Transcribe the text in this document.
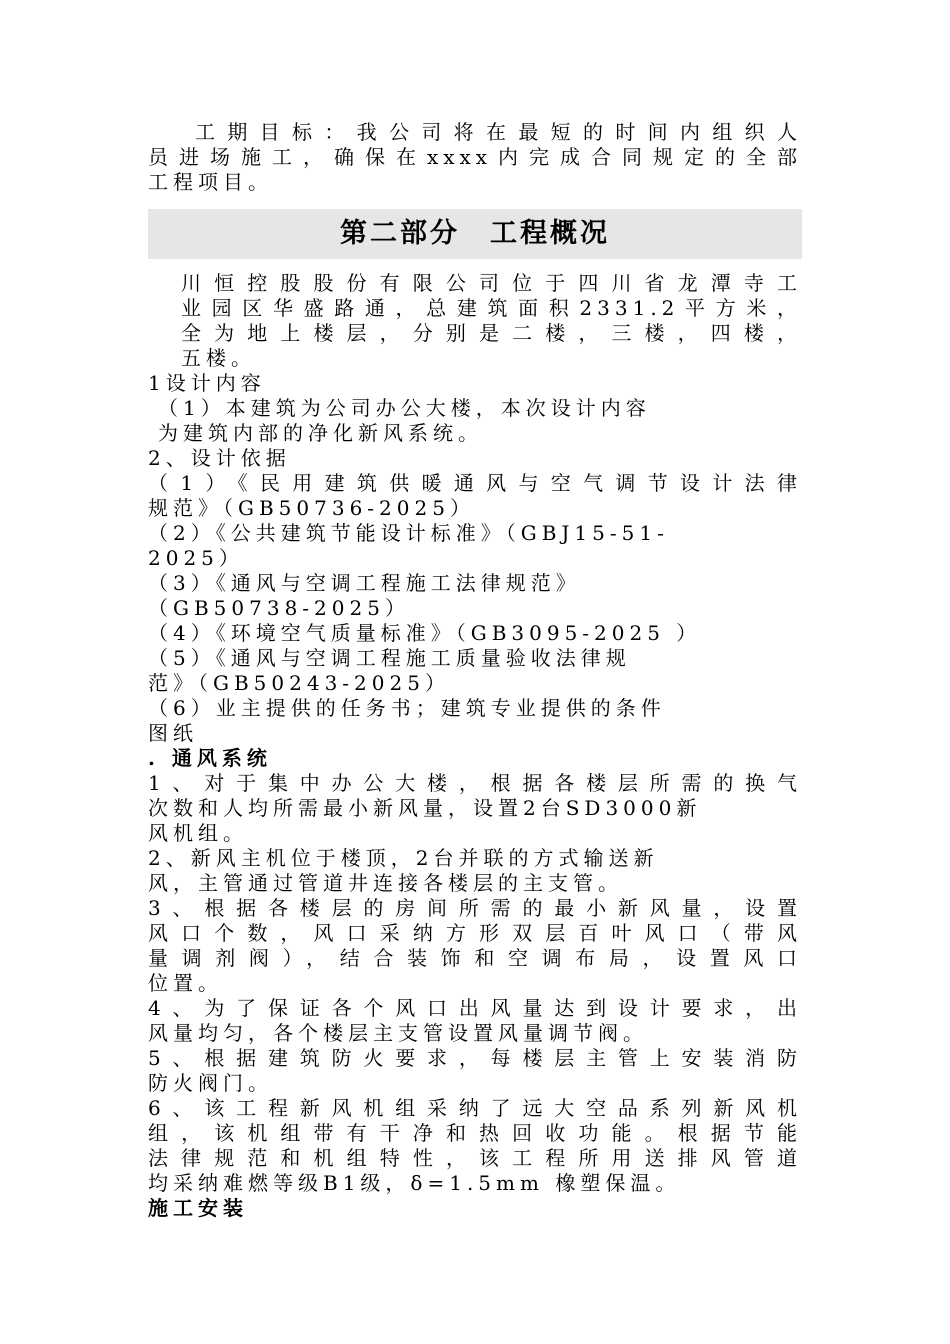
工期目标：我公司将在最短的时间内组织人
员进场施工，确保在xxxx内完成合同规定的全部
工程项目。
第二部分　工程概况
川恒控股股份有限公司位于四川省龙潭寺工
业园区华盛路通，总建筑面积2331.2平方米，
全为地上楼层，分别是二楼，三楼，四楼，
五楼。
1设计内容
（1）本建筑为公司办公大楼，本次设计内容
为建筑内部的净化新风系统。
2、设计依据
（1）《民用建筑供暖通风与空气调节设计法律
规范》（GB50736-2025）
（2）《公共建筑节能设计标准》（GBJ15-51-
2025）
（3）《通风与空调工程施工法律规范》
（GB50738-2025）
（4）《环境空气质量标准》（GB3095-2025 ）
（5）《通风与空调工程施工质量验收法律规
范》（GB50243-2025）
（6）业主提供的任务书；建筑专业提供的条件
图纸
. 通风系统
1、对于集中办公大楼，根据各楼层所需的换气
次数和人均所需最小新风量，设置2台SD3000新
风机组。
2、新风主机位于楼顶，2台并联的方式输送新
风，主管通过管道井连接各楼层的主支管。
3、根据各楼层的房间所需的最小新风量，设置
风口个数，风口采纳方形双层百叶风口（带风
量调剂阀），结合装饰和空调布局，设置风口
位置。
4、为了保证各个风口出风量达到设计要求，出
风量均匀，各个楼层主支管设置风量调节阀。
5、根据建筑防火要求，每楼层主管上安装消防
防火阀门。
6、该工程新风机组采纳了远大空品系列新风机
组，该机组带有干净和热回收功能。根据节能
法律规范和机组特性，该工程所用送排风管道
均采纳难燃等级B1级，δ=1.5mm 橡塑保温。
施工安装
